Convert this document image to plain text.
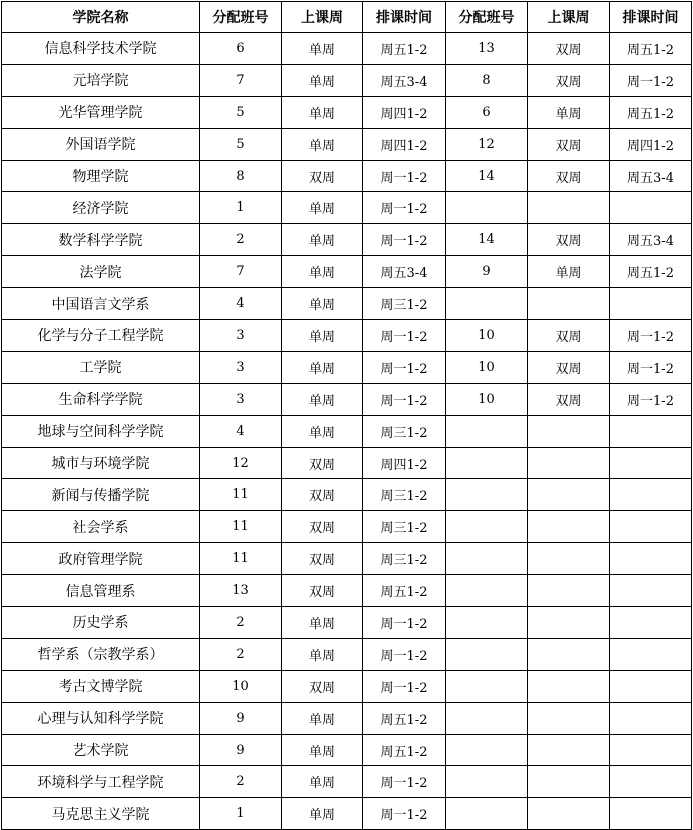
学院名称	分配班号	上课周	排课时间	分配班号	上课周	排课时间
信息科学技术学院	6	单周	周五1-2	13	双周	周五1-2
元培学院	7	单周	周五3-4	8	双周	周一1-2
光华管理学院	5	单周	周四1-2	6	单周	周五1-2
外国语学院	5	单周	周四1-2	12	双周	周四1-2
物理学院	8	双周	周一1-2	14	双周	周五3-4
经济学院	1	单周	周一1-2			
数学科学学院	2	单周	周一1-2	14	双周	周五3-4
法学院	7	单周	周五3-4	9	单周	周五1-2
中国语言文学系	4	单周	周三1-2			
化学与分子工程学院	3	单周	周一1-2	10	双周	周一1-2
工学院	3	单周	周一1-2	10	双周	周一1-2
生命科学学院	3	单周	周一1-2	10	双周	周一1-2
地球与空间科学学院	4	单周	周三1-2			
城市与环境学院	12	双周	周四1-2			
新闻与传播学院	11	双周	周三1-2			
社会学系	11	双周	周三1-2			
政府管理学院	11	双周	周三1-2			
信息管理系	13	双周	周五1-2			
历史学系	2	单周	周一1-2			
哲学系（宗教学系）	2	单周	周一1-2			
考古文博学院	10	双周	周一1-2			
心理与认知科学学院	9	单周	周五1-2			
艺术学院	9	单周	周五1-2			
环境科学与工程学院	2	单周	周一1-2			
马克思主义学院	1	单周	周一1-2			
